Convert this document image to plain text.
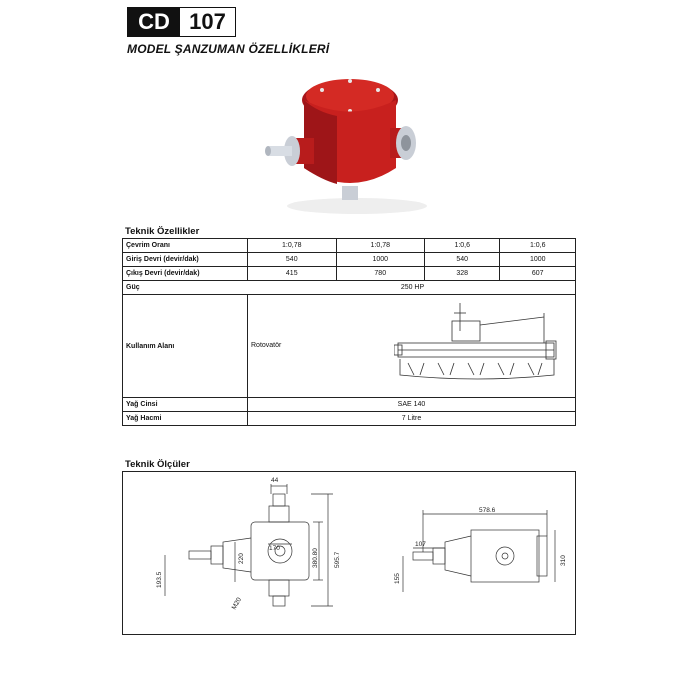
CD 107
MODEL ŞANZUMAN ÖZELLİKLERİ
Teknik Özellikler
Çevrim Oranı	1:0,78	1:0,78	1:0,6	1:0,6
Giriş Devri (devir/dak)	540	1000	540	1000
Çıkış Devri (devir/dak)	415	780	328	607

Güç 250 HP				

Kullanım Alanı	Rotovatör			

Yağ Cinsi	SAE 140			
Yağ Hacmi	7 Litre			
Teknik Ölçüler
44
170
220	380.80 595.7
193.5
M20
578.6
107
155
310
